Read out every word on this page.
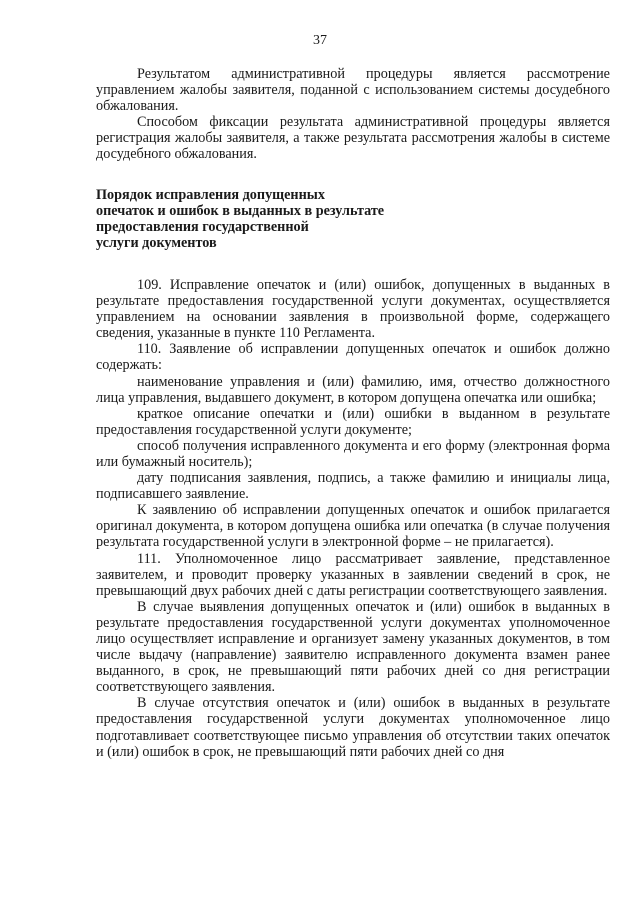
37

Результатом административной процедуры является рассмотрение управлением жалобы заявителя, поданной с использованием системы досудебного обжалования.

Способом фиксации результата административной процедуры является регистрация жалобы заявителя, а также результата рассмотрения жалобы в системе досудебного обжалования.

Порядок исправления допущенных
опечаток и ошибок в выданных в результате
предоставления государственной
услуги документов

109. Исправление опечаток и (или) ошибок, допущенных в выданных в результате предоставления государственной услуги документах, осуществляется управлением на основании заявления в произвольной форме, содержащего сведения, указанные в пункте 110 Регламента.

110. Заявление об исправлении допущенных опечаток и ошибок должно содержать:

наименование управления и (или) фамилию, имя, отчество должностного лица управления, выдавшего документ, в котором допущена опечатка или ошибка;

краткое описание опечатки и (или) ошибки в выданном в результате предоставления государственной услуги документе;

способ получения исправленного документа и его форму (электронная форма или бумажный носитель);

дату подписания заявления, подпись, а также фамилию и инициалы лица, подписавшего заявление.

К заявлению об исправлении допущенных опечаток и ошибок прилагается оригинал документа, в котором допущена ошибка или опечатка (в случае получения результата государственной услуги в электронной форме – не прилагается).

111. Уполномоченное лицо рассматривает заявление, представленное заявителем, и проводит проверку указанных в заявлении сведений в срок, не превышающий двух рабочих дней с даты регистрации соответствующего заявления.

В случае выявления допущенных опечаток и (или) ошибок в выданных в результате предоставления государственной услуги документах уполномоченное лицо осуществляет исправление и организует замену указанных документов, в том числе выдачу (направление) заявителю исправленного документа взамен ранее выданного, в срок, не превышающий пяти рабочих дней со дня регистрации соответствующего заявления.

В случае отсутствия опечаток и (или) ошибок в выданных в результате предоставления государственной услуги документах уполномоченное лицо подготавливает соответствующее письмо управления об отсутствии таких опечаток и (или) ошибок в срок, не превышающий пяти рабочих дней со дня
